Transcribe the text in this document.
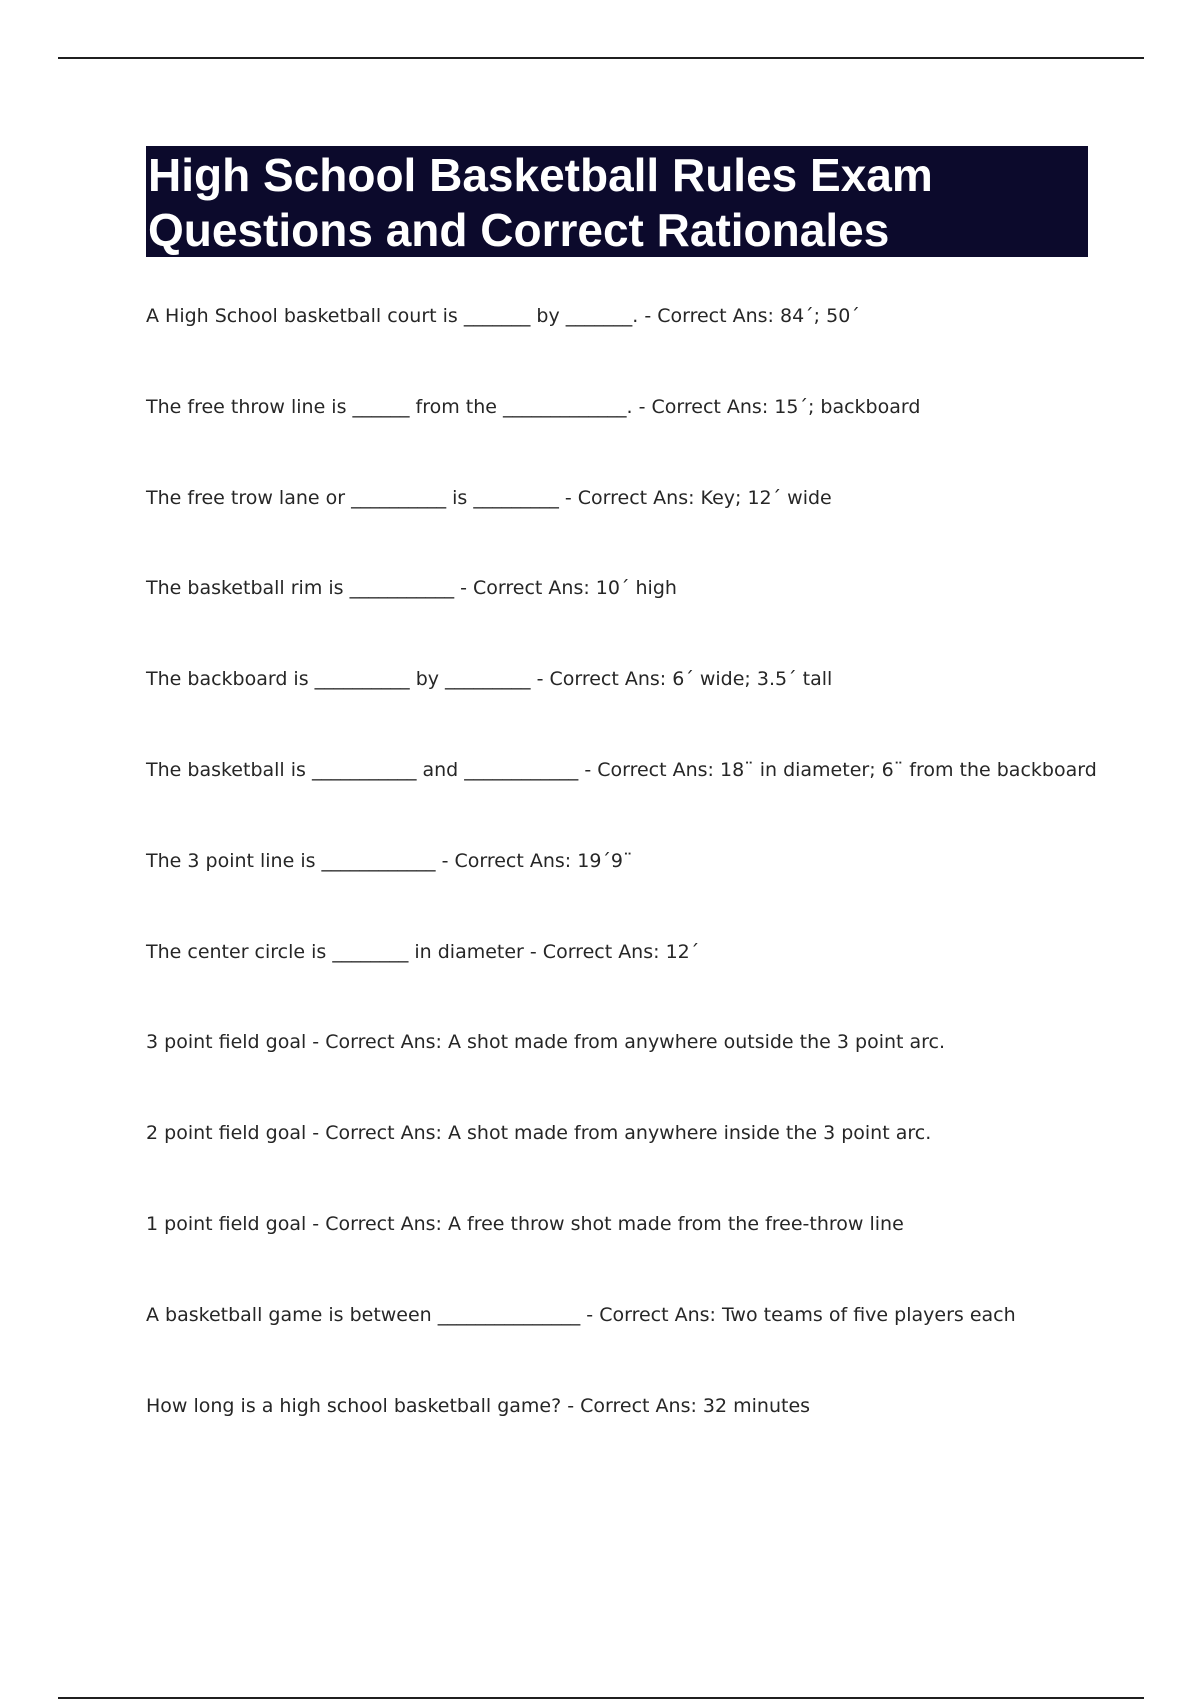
High School Basketball Rules Exam
Questions and Correct Rationales
A High School basketball court is _______ by _______. - Correct Ans: 84´; 50´
The free throw line is ______ from the _____________. - Correct Ans: 15´; backboard
The free trow lane or __________ is _________ - Correct Ans: Key; 12´ wide
The basketball rim is ___________ - Correct Ans: 10´ high
The backboard is __________ by _________ - Correct Ans: 6´ wide; 3.5´ tall
The basketball is ___________ and ____________ - Correct Ans: 18¨ in diameter; 6¨ from the backboard
The 3 point line is ____________ - Correct Ans: 19´9¨
The center circle is ________ in diameter - Correct Ans: 12´
3 point field goal - Correct Ans: A shot made from anywhere outside the 3 point arc.
2 point field goal - Correct Ans: A shot made from anywhere inside the 3 point arc.
1 point field goal - Correct Ans: A free throw shot made from the free-throw line
A basketball game is between _______________ - Correct Ans: Two teams of five players each
How long is a high school basketball game? - Correct Ans: 32 minutes
